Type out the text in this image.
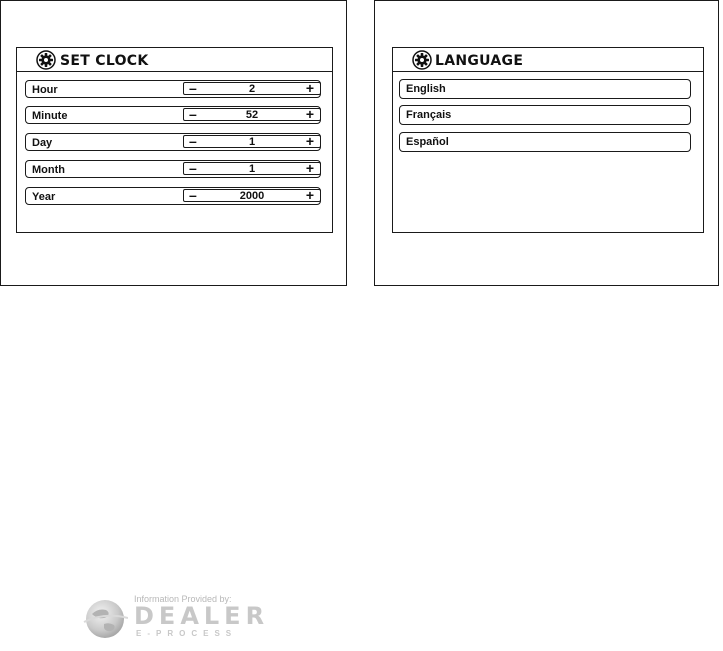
SET CLOCK
Hour	–	2	+
Minute	–	52	+
Day	–	1	+
Month	–	1	+
Year	–	2000	+
LANGUAGE
English
Français
Español
Information Provided by:
DEALER
E-PROCESS
